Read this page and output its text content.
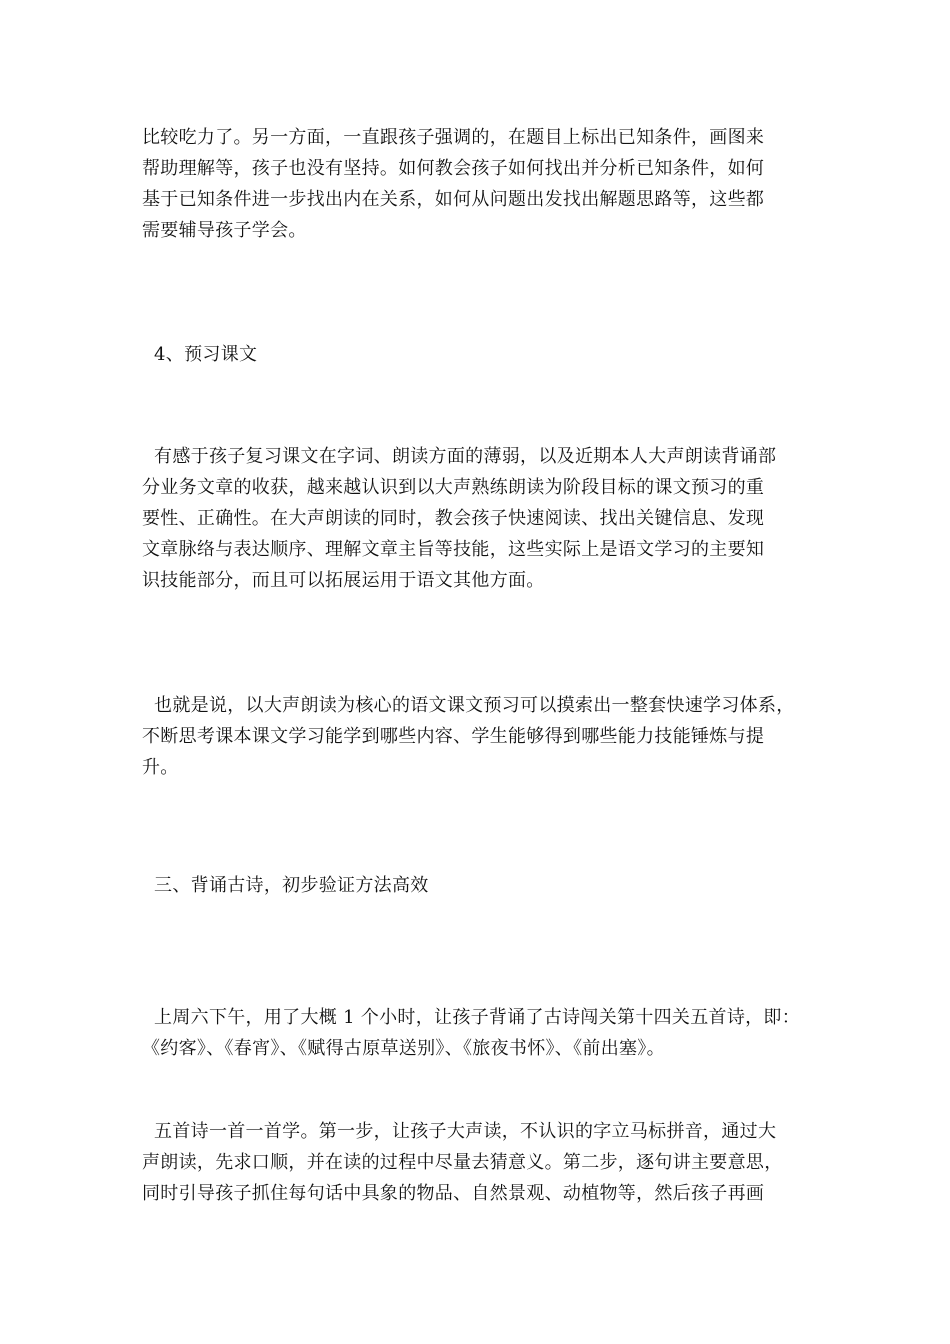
比较吃力了。另一方面，一直跟孩子强调的，在题目上标出已知条件，画图来
帮助理解等，孩子也没有坚持。如何教会孩子如何找出并分析已知条件，如何
基于已知条件进一步找出内在关系，如何从问题出发找出解题思路等，这些都
需要辅导孩子学会。
4、预习课文
有感于孩子复习课文在字词、朗读方面的薄弱，以及近期本人大声朗读背诵部
分业务文章的收获，越来越认识到以大声熟练朗读为阶段目标的课文预习的重
要性、正确性。在大声朗读的同时，教会孩子快速阅读、找出关键信息、发现
文章脉络与表达顺序、理解文章主旨等技能，这些实际上是语文学习的主要知
识技能部分，而且可以拓展运用于语文其他方面。
也就是说，以大声朗读为核心的语文课文预习可以摸索出一整套快速学习体系，
不断思考课本课文学习能学到哪些内容、学生能够得到哪些能力技能锤炼与提
升。
三、背诵古诗，初步验证方法高效
上周六下午，用了大概 1 个小时，让孩子背诵了古诗闯关第十四关五首诗，即：
《约客》、《春宵》、《赋得古原草送别》、《旅夜书怀》、《前出塞》。
五首诗一首一首学。第一步，让孩子大声读，不认识的字立马标拼音，通过大
声朗读，先求口顺，并在读的过程中尽量去猜意义。第二步，逐句讲主要意思，
同时引导孩子抓住每句话中具象的物品、自然景观、动植物等，然后孩子再画
